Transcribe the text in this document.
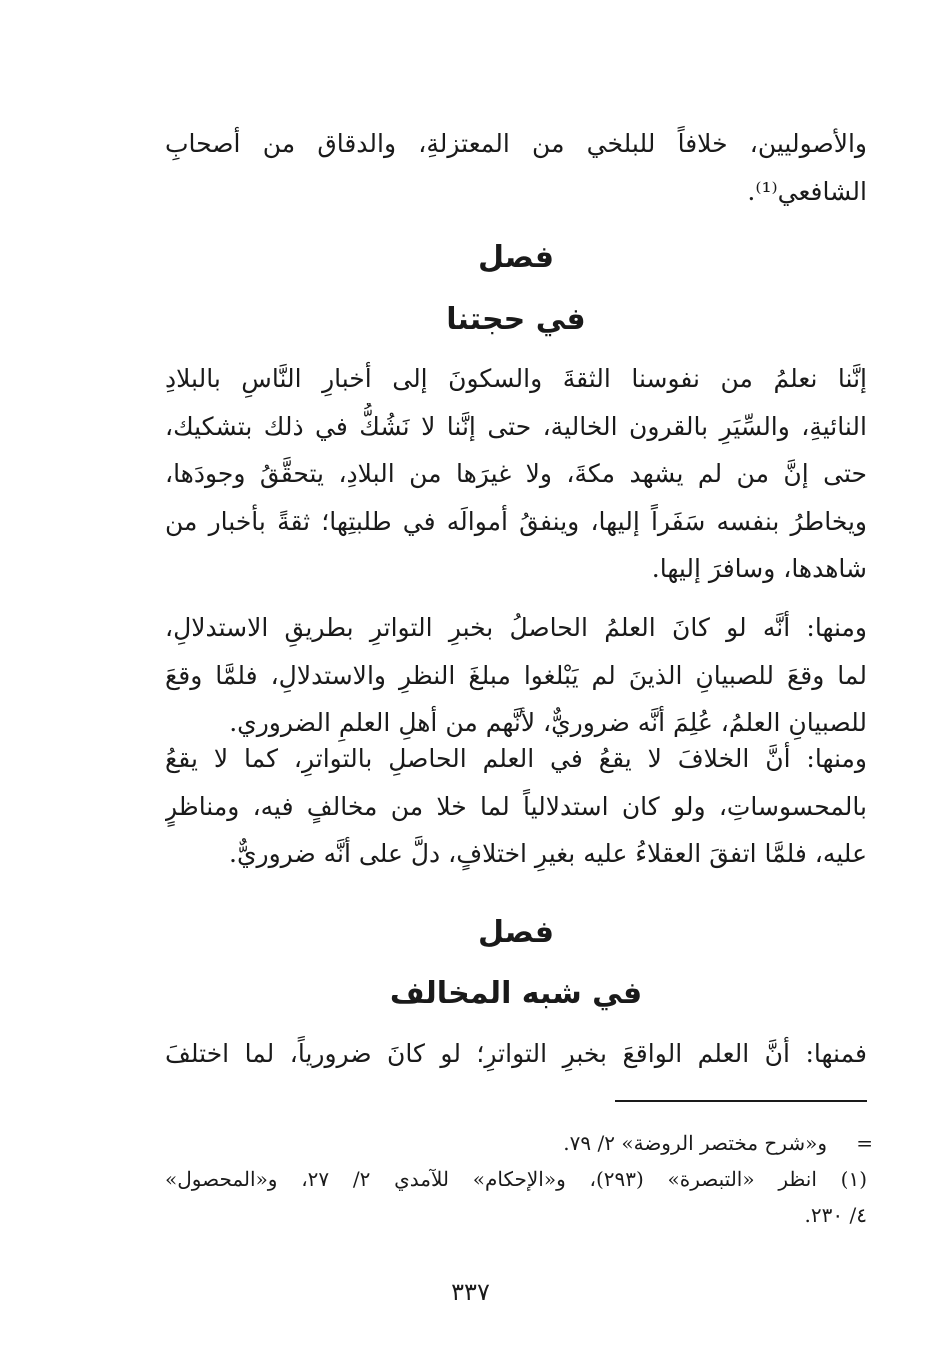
والأصوليين، خلافاً للبلخي من المعتزلةِ، والدقاق من أصحابِ
الشافعي⁽¹⁾.
فصل
في حجتنا
إنَّنا نعلمُ من نفوسنا الثقةَ والسكونَ إلى أخبارِ النَّاسِ بالبلادِ
النائيةِ، والسِّيَرِ بالقرون الخالية، حتى إنَّنا لا نَشُكُّ في ذلك بتشكيك،
حتى إنَّ من لم يشهد مكةَ، ولا غيرَها من البلادِ، يتحقَّقُ وجودَها،
ويخاطرُ بنفسه سَفَراً إليها، وينفقُ أموالَه في طلبتِها؛ ثقةً بأخبار من
شاهدها، وسافرَ إليها.
ومنها: أنَّه لو كانَ العلمُ الحاصلُ بخبرِ التواترِ بطريقِ الاستدلالِ،
لما وقعَ للصبيانِ الذينَ لم يَبْلغوا مبلغَ النظرِ والاستدلالِ، فلمَّا وقعَ
للصبيانِ العلمُ، عُلِمَ أنَّه ضروريٌّ، لأنَّهم من أهلِ العلمِ الضروري.
ومنها: أنَّ الخلافَ لا يقعُ في العلم الحاصلِ بالتواترِ، كما لا يقعُ
بالمحسوساتِ، ولو كان استدلالياً لما خلا من مخالفٍ فيه، ومناظرٍ
عليه، فلمَّا اتفقَ العقلاءُ عليه بغيرِ اختلافٍ، دلَّ على أنَّه ضروريٌّ.
فصل
في شبه المخالف
فمنها: أنَّ العلم الواقعَ بخبرِ التواترِ؛ لو كانَ ضرورياً، لما اختلفَ
=
و«شرح مختصر الروضة» ٢/ ٧٩.
(١) انظر «التبصرة» (٢٩٣)، و«الإحكام» للآمدي ٢/ ٢٧، و«المحصول»
٤/ ٢٣٠.
٣٣٧
